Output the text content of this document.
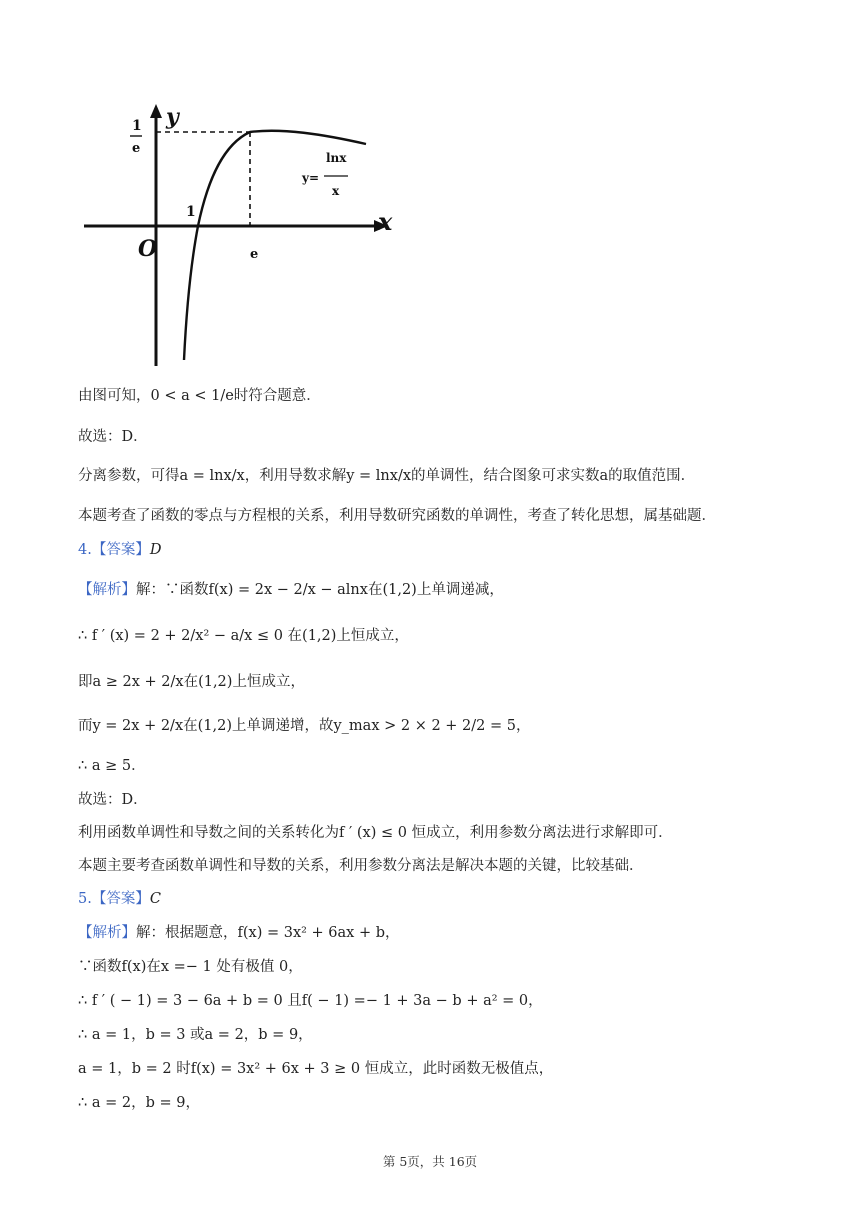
y
x
O
1
e
1
e
y=
lnx
x
由图可知，0 < a < 1/e时符合题意．
故选：D．
分离参数，可得a = lnx/x，利用导数求解y = lnx/x的单调性，结合图象可求实数a的取值范围．
本题考查了函数的零点与方程根的关系，利用导数研究函数的单调性，考查了转化思想，属基础题．
4.【答案】D
【解析】解：∵函数f(x) = 2x − 2/x − alnx在(1,2)上单调递减，
∴ f ′ (x) = 2 + 2/x² − a/x ≤ 0 在(1,2)上恒成立，
即a ≥ 2x + 2/x在(1,2)上恒成立，
而y = 2x + 2/x在(1,2)上单调递增，故y_max > 2 × 2 + 2/2 = 5，
∴ a ≥ 5．
故选：D．
利用函数单调性和导数之间的关系转化为f ′ (x) ≤ 0 恒成立，利用参数分离法进行求解即可．
本题主要考查函数单调性和导数的关系，利用参数分离法是解决本题的关键，比较基础．
5.【答案】C
【解析】解：根据题意，f(x) = 3x² + 6ax + b，
∵函数f(x)在x =− 1 处有极值 0，
∴ f ′ ( − 1) = 3 − 6a + b = 0 且f( − 1) =− 1 + 3a − b + a² = 0，
∴ a = 1，b = 3 或a = 2，b = 9，
a = 1，b = 2 时f(x) = 3x² + 6x + 3 ≥ 0 恒成立，此时函数无极值点，
∴ a = 2，b = 9，
第 5页，共 16页
